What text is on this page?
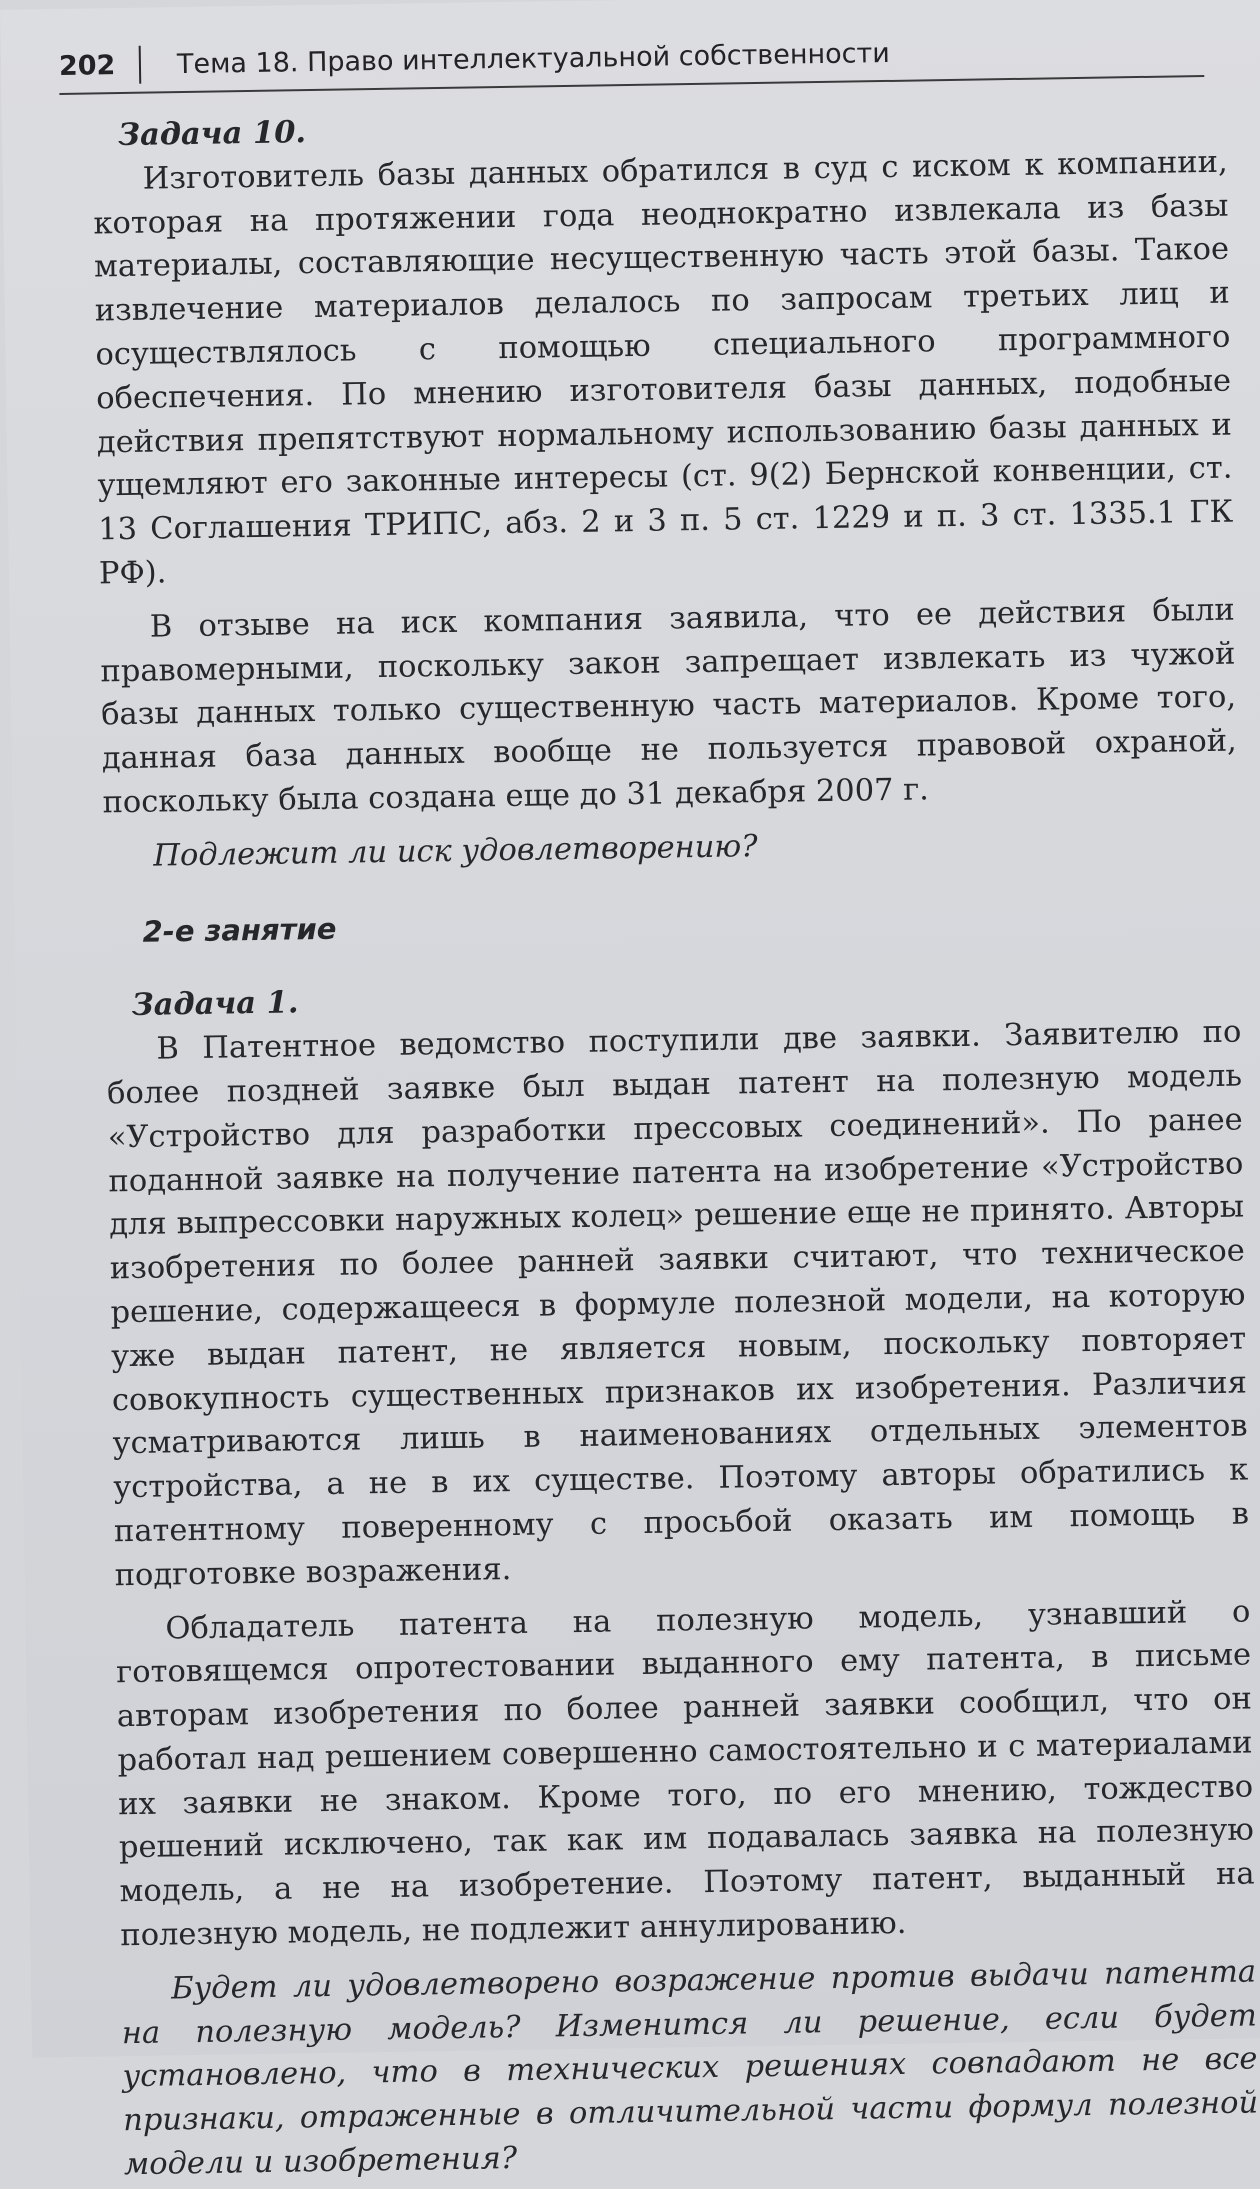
202 Тема 18. Право интеллектуальной собственности

Задача 10.

Изготовитель базы данных обратился в суд с иском к компании, которая на протяжении года неоднократно извлекала из базы материалы, составляющие несущественную часть этой базы. Такое извлечение материалов делалось по запросам третьих лиц и осуществлялось с помощью специального программного обеспечения. По мнению изготовителя базы данных, подобные действия препятствуют нормальному использованию базы данных и ущемляют его законные интересы (ст. 9(2) Бернской конвенции, ст. 13 Соглашения ТРИПС, абз. 2 и 3 п. 5 ст. 1229 и п. 3 ст. 1335.1 ГК РФ).

В отзыве на иск компания заявила, что ее действия были правомерными, поскольку закон запрещает извлекать из чужой базы данных только существенную часть материалов. Кроме того, данная база данных вообще не пользуется правовой охраной, поскольку была создана еще до 31 декабря 2007 г.

Подлежит ли иск удовлетворению?

2-е занятие

Задача 1.

В Патентное ведомство поступили две заявки. Заявителю по более поздней заявке был выдан патент на полезную модель «Устройство для разработки прессовых соединений». По ранее поданной заявке на получение патента на изобретение «Устройство для выпрессовки наружных колец» решение еще не принято. Авторы изобретения по более ранней заявки считают, что техническое решение, содержащееся в формуле полезной модели, на которую уже выдан патент, не является новым, поскольку повторяет совокупность существенных признаков их изобретения. Различия усматриваются лишь в наименованиях отдельных элементов устройства, а не в их существе. Поэтому авторы обратились к патентному поверенному с просьбой оказать им помощь в подготовке возражения.

Обладатель патента на полезную модель, узнавший о готовящемся опротестовании выданного ему патента, в письме авторам изобретения по более ранней заявки сообщил, что он работал над решением совершенно самостоятельно и с материалами их заявки не знаком. Кроме того, по его мнению, тождество решений исключено, так как им подавалась заявка на полезную модель, а не на изобретение. Поэтому патент, выданный на полезную модель, не подлежит аннулированию.

Будет ли удовлетворено возражение против выдачи патента на полезную модель? Изменится ли решение, если будет установлено, что в технических решениях совпадают не все признаки, отраженные в отличительной части формул полезной модели и изобретения?
